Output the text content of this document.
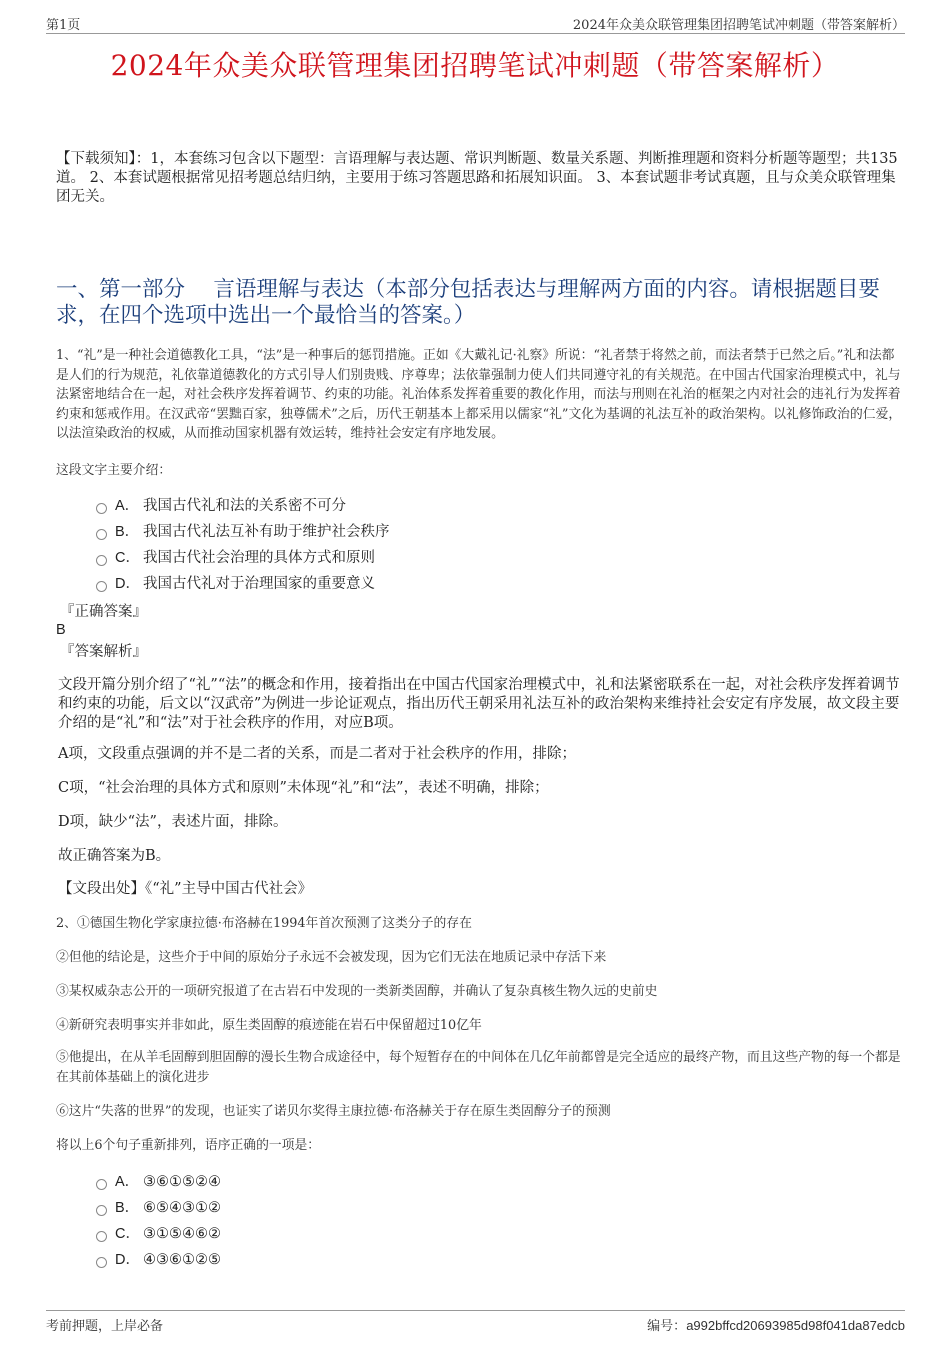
第1页	2024年众美众联管理集团招聘笔试冲刺题（带答案解析）
2024年众美众联管理集团招聘笔试冲刺题（带答案解析）
【下载须知】：1，本套练习包含以下题型：言语理解与表达题、常识判断题、数量关系题、判断推理题和资料分析题等题型；共135道。 2、本套试题根据常见招考题总结归纳，主要用于练习答题思路和拓展知识面。 3、本套试题非考试真题，且与众美众联管理集团无关。
一、第一部分　 言语理解与表达（本部分包括表达与理解两方面的内容。请根据题目要求，在四个选项中选出一个最恰当的答案。）
1、“礼”是一种社会道德教化工具，“法”是一种事后的惩罚措施。正如《大戴礼记·礼察》所说：“礼者禁于将然之前，而法者禁于已然之后。”礼和法都是人们的行为规范，礼依靠道德教化的方式引导人们别贵贱、序尊卑；法依靠强制力使人们共同遵守礼的有关规范。在中国古代国家治理模式中，礼与法紧密地结合在一起，对社会秩序发挥着调节、约束的功能。礼治体系发挥着重要的教化作用，而法与刑则在礼治的框架之内对社会的违礼行为发挥着约束和惩戒作用。在汉武帝“罢黜百家，独尊儒术”之后，历代王朝基本上都采用以儒家“礼”文化为基调的礼法互补的政治架构。以礼修饰政治的仁爱，以法渲染政治的权威，从而推动国家机器有效运转，维持社会安定有序地发展。
这段文字主要介绍：
A． 我国古代礼和法的关系密不可分
B． 我国古代礼法互补有助于维护社会秩序
C． 我国古代社会治理的具体方式和原则
D． 我国古代礼对于治理国家的重要意义
『正确答案』
B
『答案解析』
文段开篇分别介绍了“礼”“法”的概念和作用，接着指出在中国古代国家治理模式中，礼和法紧密联系在一起，对社会秩序发挥着调节和约束的功能，后文以“汉武帝”为例进一步论证观点，指出历代王朝采用礼法互补的政治架构来维持社会安定有序发展，故文段主要介绍的是“礼”和“法”对于社会秩序的作用，对应B项。
A项，文段重点强调的并不是二者的关系，而是二者对于社会秩序的作用，排除；
C项，“社会治理的具体方式和原则”未体现“礼”和“法”，表述不明确，排除；
D项，缺少“法”，表述片面，排除。
故正确答案为B。
【文段出处】《“礼”主导中国古代社会》
2、①德国生物化学家康拉德·布洛赫在1994年首次预测了这类分子的存在
②但他的结论是，这些介于中间的原始分子永远不会被发现，因为它们无法在地质记录中存活下来
③某权威杂志公开的一项研究报道了在古岩石中发现的一类新类固醇，并确认了复杂真核生物久远的史前史
④新研究表明事实并非如此，原生类固醇的痕迹能在岩石中保留超过10亿年
⑤他提出，在从羊毛固醇到胆固醇的漫长生物合成途径中，每个短暂存在的中间体在几亿年前都曾是完全适应的最终产物，而且这些产物的每一个都是在其前体基础上的演化进步
⑥这片“失落的世界”的发现，也证实了诺贝尔奖得主康拉德·布洛赫关于存在原生类固醇分子的预测
将以上6个句子重新排列，语序正确的一项是：
A． ③⑥①⑤②④
B． ⑥⑤④③①②
C． ③①⑤④⑥②
D． ④③⑥①②⑤
考前押题，上岸必备	编号：a992bffcd20693985d98f041da87edcb
